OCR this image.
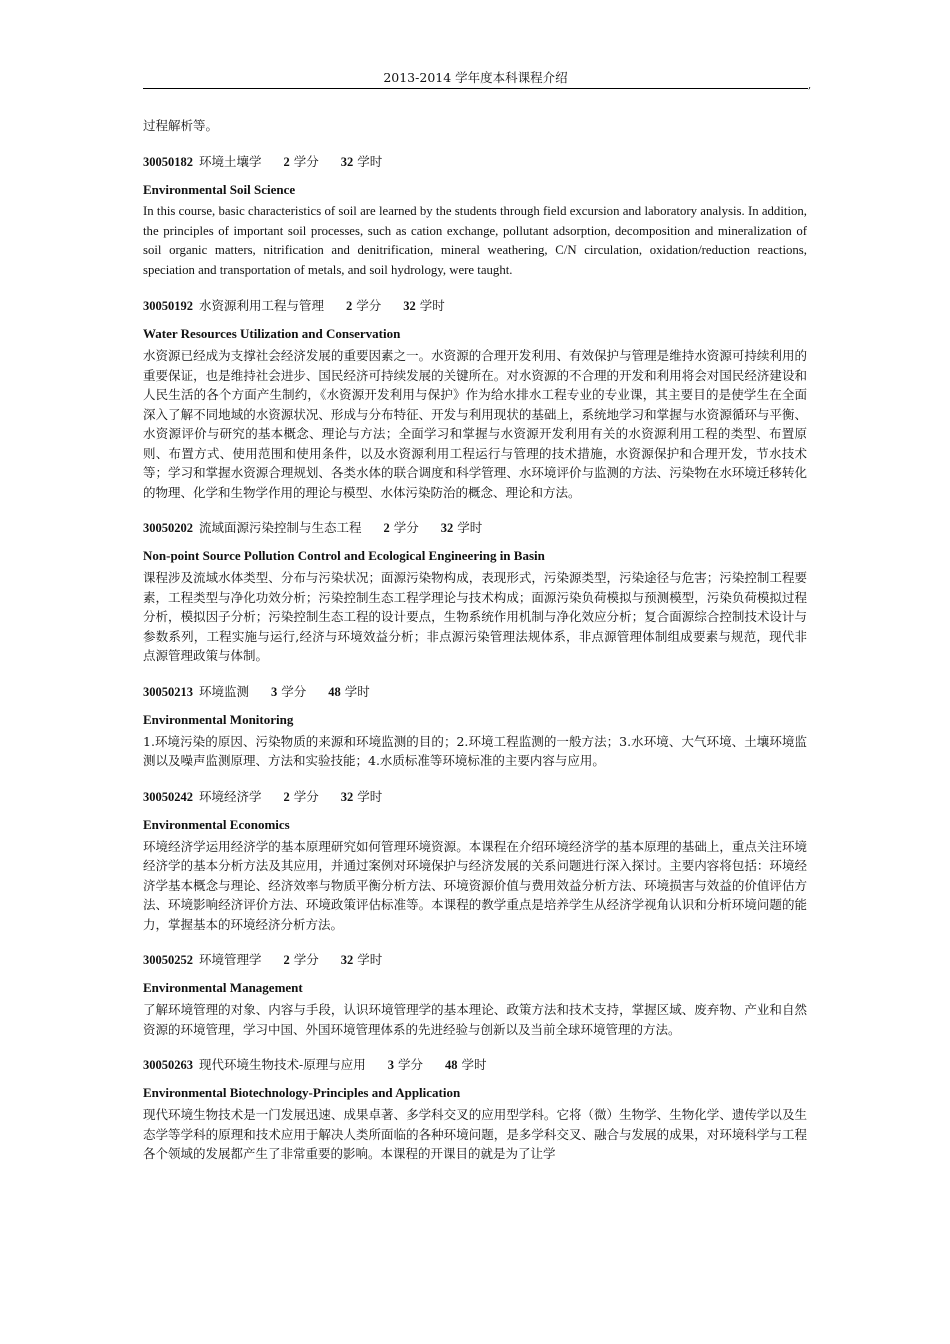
2013-2014 学年度本科课程介绍
,

过程解析等。

30050182 环境土壤学 2 学分 32 学时

Environmental Soil Science

In this course, basic characteristics of soil are learned by the students through field excursion and laboratory analysis. In addition, the principles of important soil processes, such as cation exchange, pollutant adsorption, decomposition and mineralization of soil organic matters, nitrification and denitrification, mineral weathering, C/N circulation, oxidation/reduction reactions, speciation and transportation of metals, and soil hydrology, were taught.

30050192 水资源利用工程与管理 2 学分 32 学时

Water Resources Utilization and Conservation

水资源已经成为支撑社会经济发展的重要因素之一。水资源的合理开发利用、有效保护与管理是维持水资源可持续利用的重要保证，也是维持社会进步、国民经济可持续发展的关键所在。对水资源的不合理的开发和利用将会对国民经济建设和人民生活的各个方面产生制约，《水资源开发利用与保护》作为给水排水工程专业的专业课，其主要目的是使学生在全面深入了解不同地域的水资源状况、形成与分布特征、开发与利用现状的基础上，系统地学习和掌握与水资源循环与平衡、水资源评价与研究的基本概念、理论与方法；全面学习和掌握与水资源开发利用有关的水资源利用工程的类型、布置原则、布置方式、使用范围和使用条件，以及水资源利用工程运行与管理的技术措施，水资源保护和合理开发，节水技术等；学习和掌握水资源合理规划、各类水体的联合调度和科学管理、水环境评价与监测的方法、污染物在水环境迁移转化的物理、化学和生物学作用的理论与模型、水体污染防治的概念、理论和方法。

30050202 流域面源污染控制与生态工程 2 学分 32 学时

Non-point Source Pollution Control and Ecological Engineering in Basin

课程涉及流域水体类型、分布与污染状况；面源污染物构成，表现形式，污染源类型，污染途径与危害；污染控制工程要素，工程类型与净化功效分析；污染控制生态工程学理论与技术构成；面源污染负荷模拟与预测模型，污染负荷模拟过程分析，模拟因子分析；污染控制生态工程的设计要点，生物系统作用机制与净化效应分析；复合面源综合控制技术设计与参数系列，工程实施与运行,经济与环境效益分析；非点源污染管理法规体系，非点源管理体制组成要素与规范，现代非点源管理政策与体制。

30050213 环境监测 3 学分 48 学时

Environmental Monitoring

1.环境污染的原因、污染物质的来源和环境监测的目的；2.环境工程监测的一般方法；3.水环境、大气环境、土壤环境监测以及噪声监测原理、方法和实验技能；4.水质标准等环境标准的主要内容与应用。

30050242 环境经济学 2 学分 32 学时

Environmental Economics

环境经济学运用经济学的基本原理研究如何管理环境资源。本课程在介绍环境经济学的基本原理的基础上，重点关注环境经济学的基本分析方法及其应用，并通过案例对环境保护与经济发展的关系问题进行深入探讨。主要内容将包括：环境经济学基本概念与理论、经济效率与物质平衡分析方法、环境资源价值与费用效益分析方法、环境损害与效益的价值评估方法、环境影响经济评价方法、环境政策评估标准等。本课程的教学重点是培养学生从经济学视角认识和分析环境问题的能力，掌握基本的环境经济分析方法。

30050252 环境管理学 2 学分 32 学时

Environmental Management

了解环境管理的对象、内容与手段，认识环境管理学的基本理论、政策方法和技术支持，掌握区域、废弃物、产业和自然资源的环境管理，学习中国、外国环境管理体系的先进经验与创新以及当前全球环境管理的方法。

30050263 现代环境生物技术-原理与应用 3 学分 48 学时

Environmental Biotechnology-Principles and Application

现代环境生物技术是一门发展迅速、成果卓著、多学科交叉的应用型学科。它将（微）生物学、生物化学、遗传学以及生态学等学科的原理和技术应用于解决人类所面临的各种环境问题，是多学科交叉、融合与发展的成果，对环境科学与工程各个领域的发展都产生了非常重要的影响。本课程的开课目的就是为了让学
